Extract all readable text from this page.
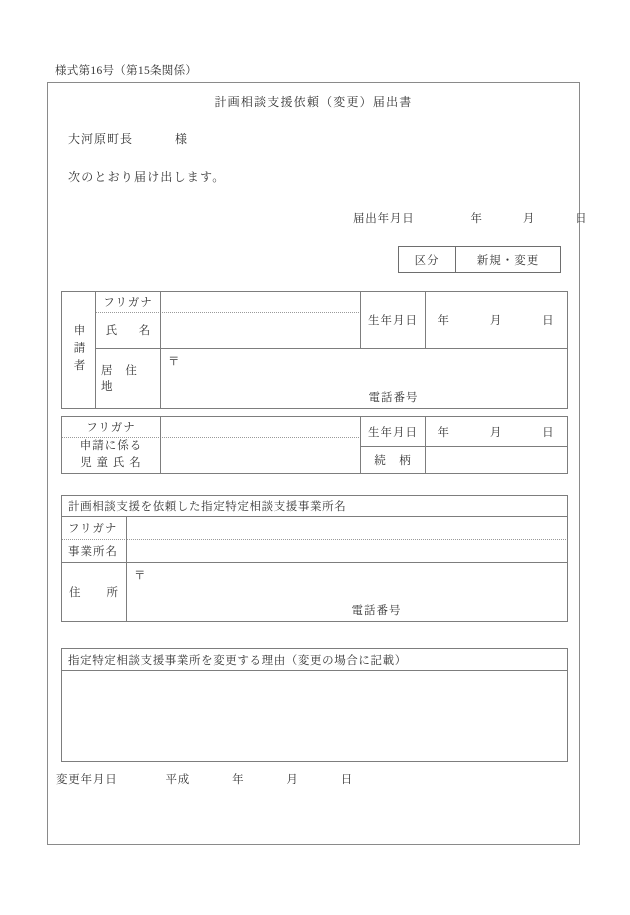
様式第16号（第15条関係）
計画相談支援依頼（変更）届出書
大河原町長	様
次のとおり届け出します。
届出年月日	年	月	日
区分	新規・変更
申請者
フリガナ
氏　名
生年月日 年	月	日
居 住 地
〒
電話番号
フリガナ
申請に係る
児 童 氏 名
生年月日 年	月	日
続　柄
計画相談支援を依頼した指定特定相談支援事業所名
フリガナ
事業所名
住　　所
〒
電話番号
指定特定相談支援事業所を変更する理由（変更の場合に記載）
変更年月日	平成	年	月	日
